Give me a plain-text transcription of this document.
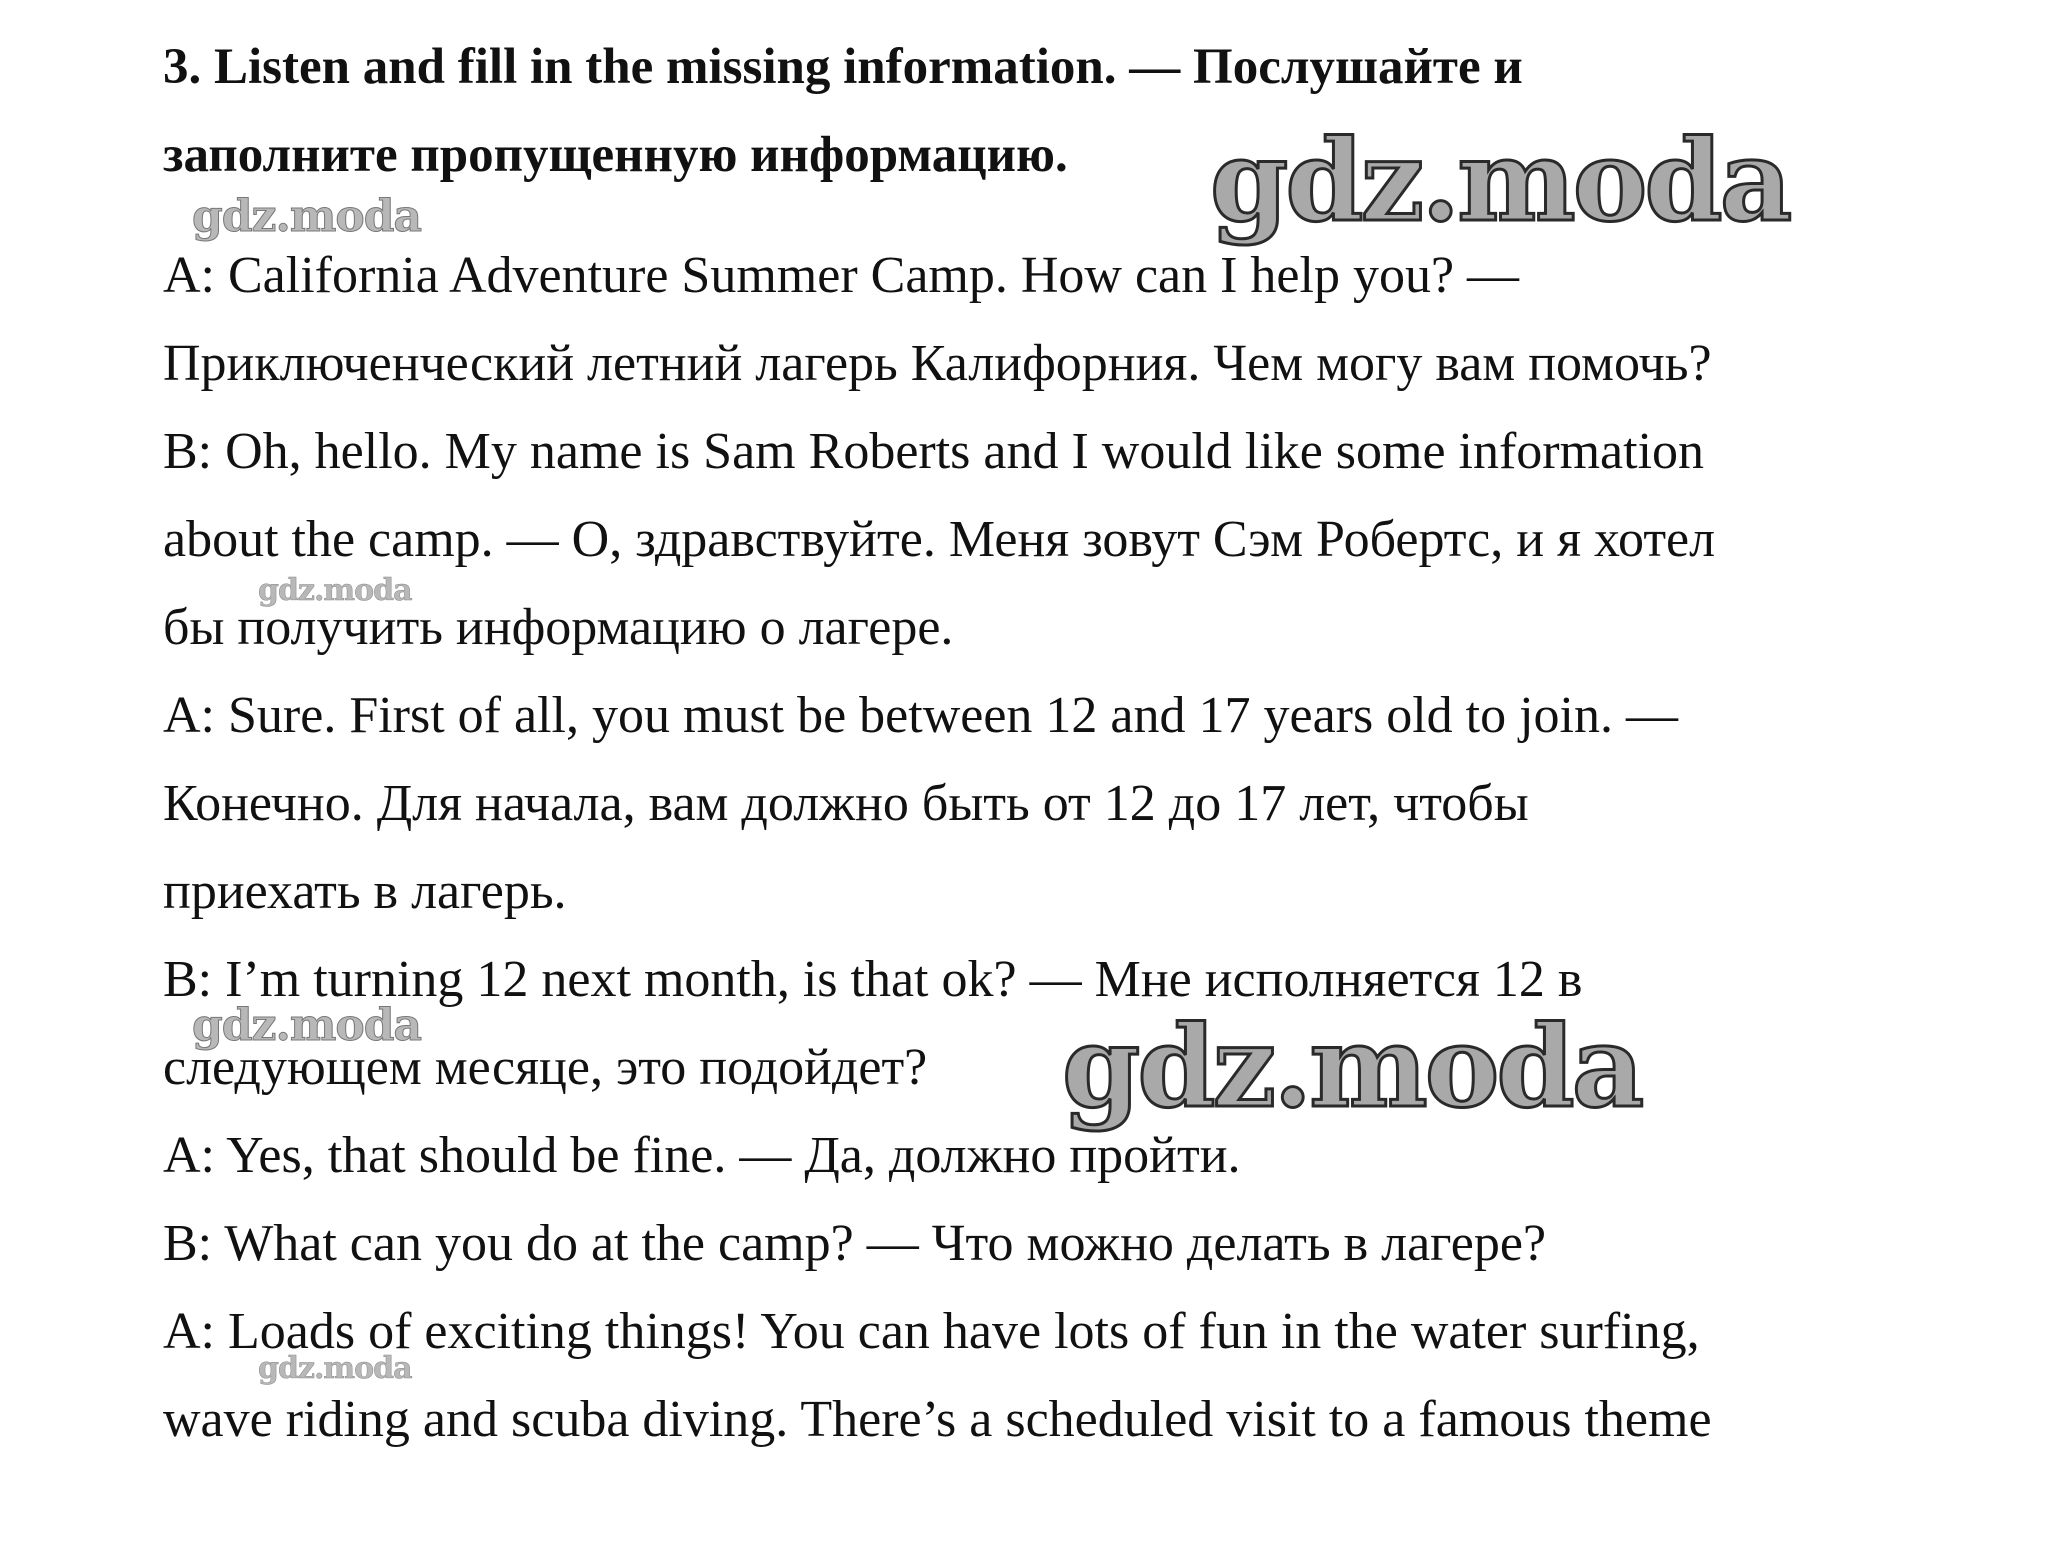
3. Listen and fill in the missing information. — Послушайте и
заполните пропущенную информацию.
A: California Adventure Summer Camp. How can I help you? —
Приключенческий летний лагерь Калифорния. Чем могу вам помочь?
B: Oh, hello. My name is Sam Roberts and I would like some information
about the camp. — О, здравствуйте. Меня зовут Сэм Робертс, и я хотел
бы получить информацию о лагере.
A: Sure. First of all, you must be between 12 and 17 years old to join. —
Конечно. Для начала, вам должно быть от 12 до 17 лет, чтобы
приехать в лагерь.
B: I’m turning 12 next month, is that ok? — Мне исполняется 12 в
следующем месяце, это подойдет?
A: Yes, that should be fine. — Да, должно пройти.
B: What can you do at the camp? — Что можно делать в лагере?
A: Loads of exciting things! You can have lots of fun in the water surfing,
wave riding and scuba diving. There’s a scheduled visit to a famous theme
gdz.moda
gdz.moda
gdz.moda
gdz.moda	gdz.moda
gdz.moda
